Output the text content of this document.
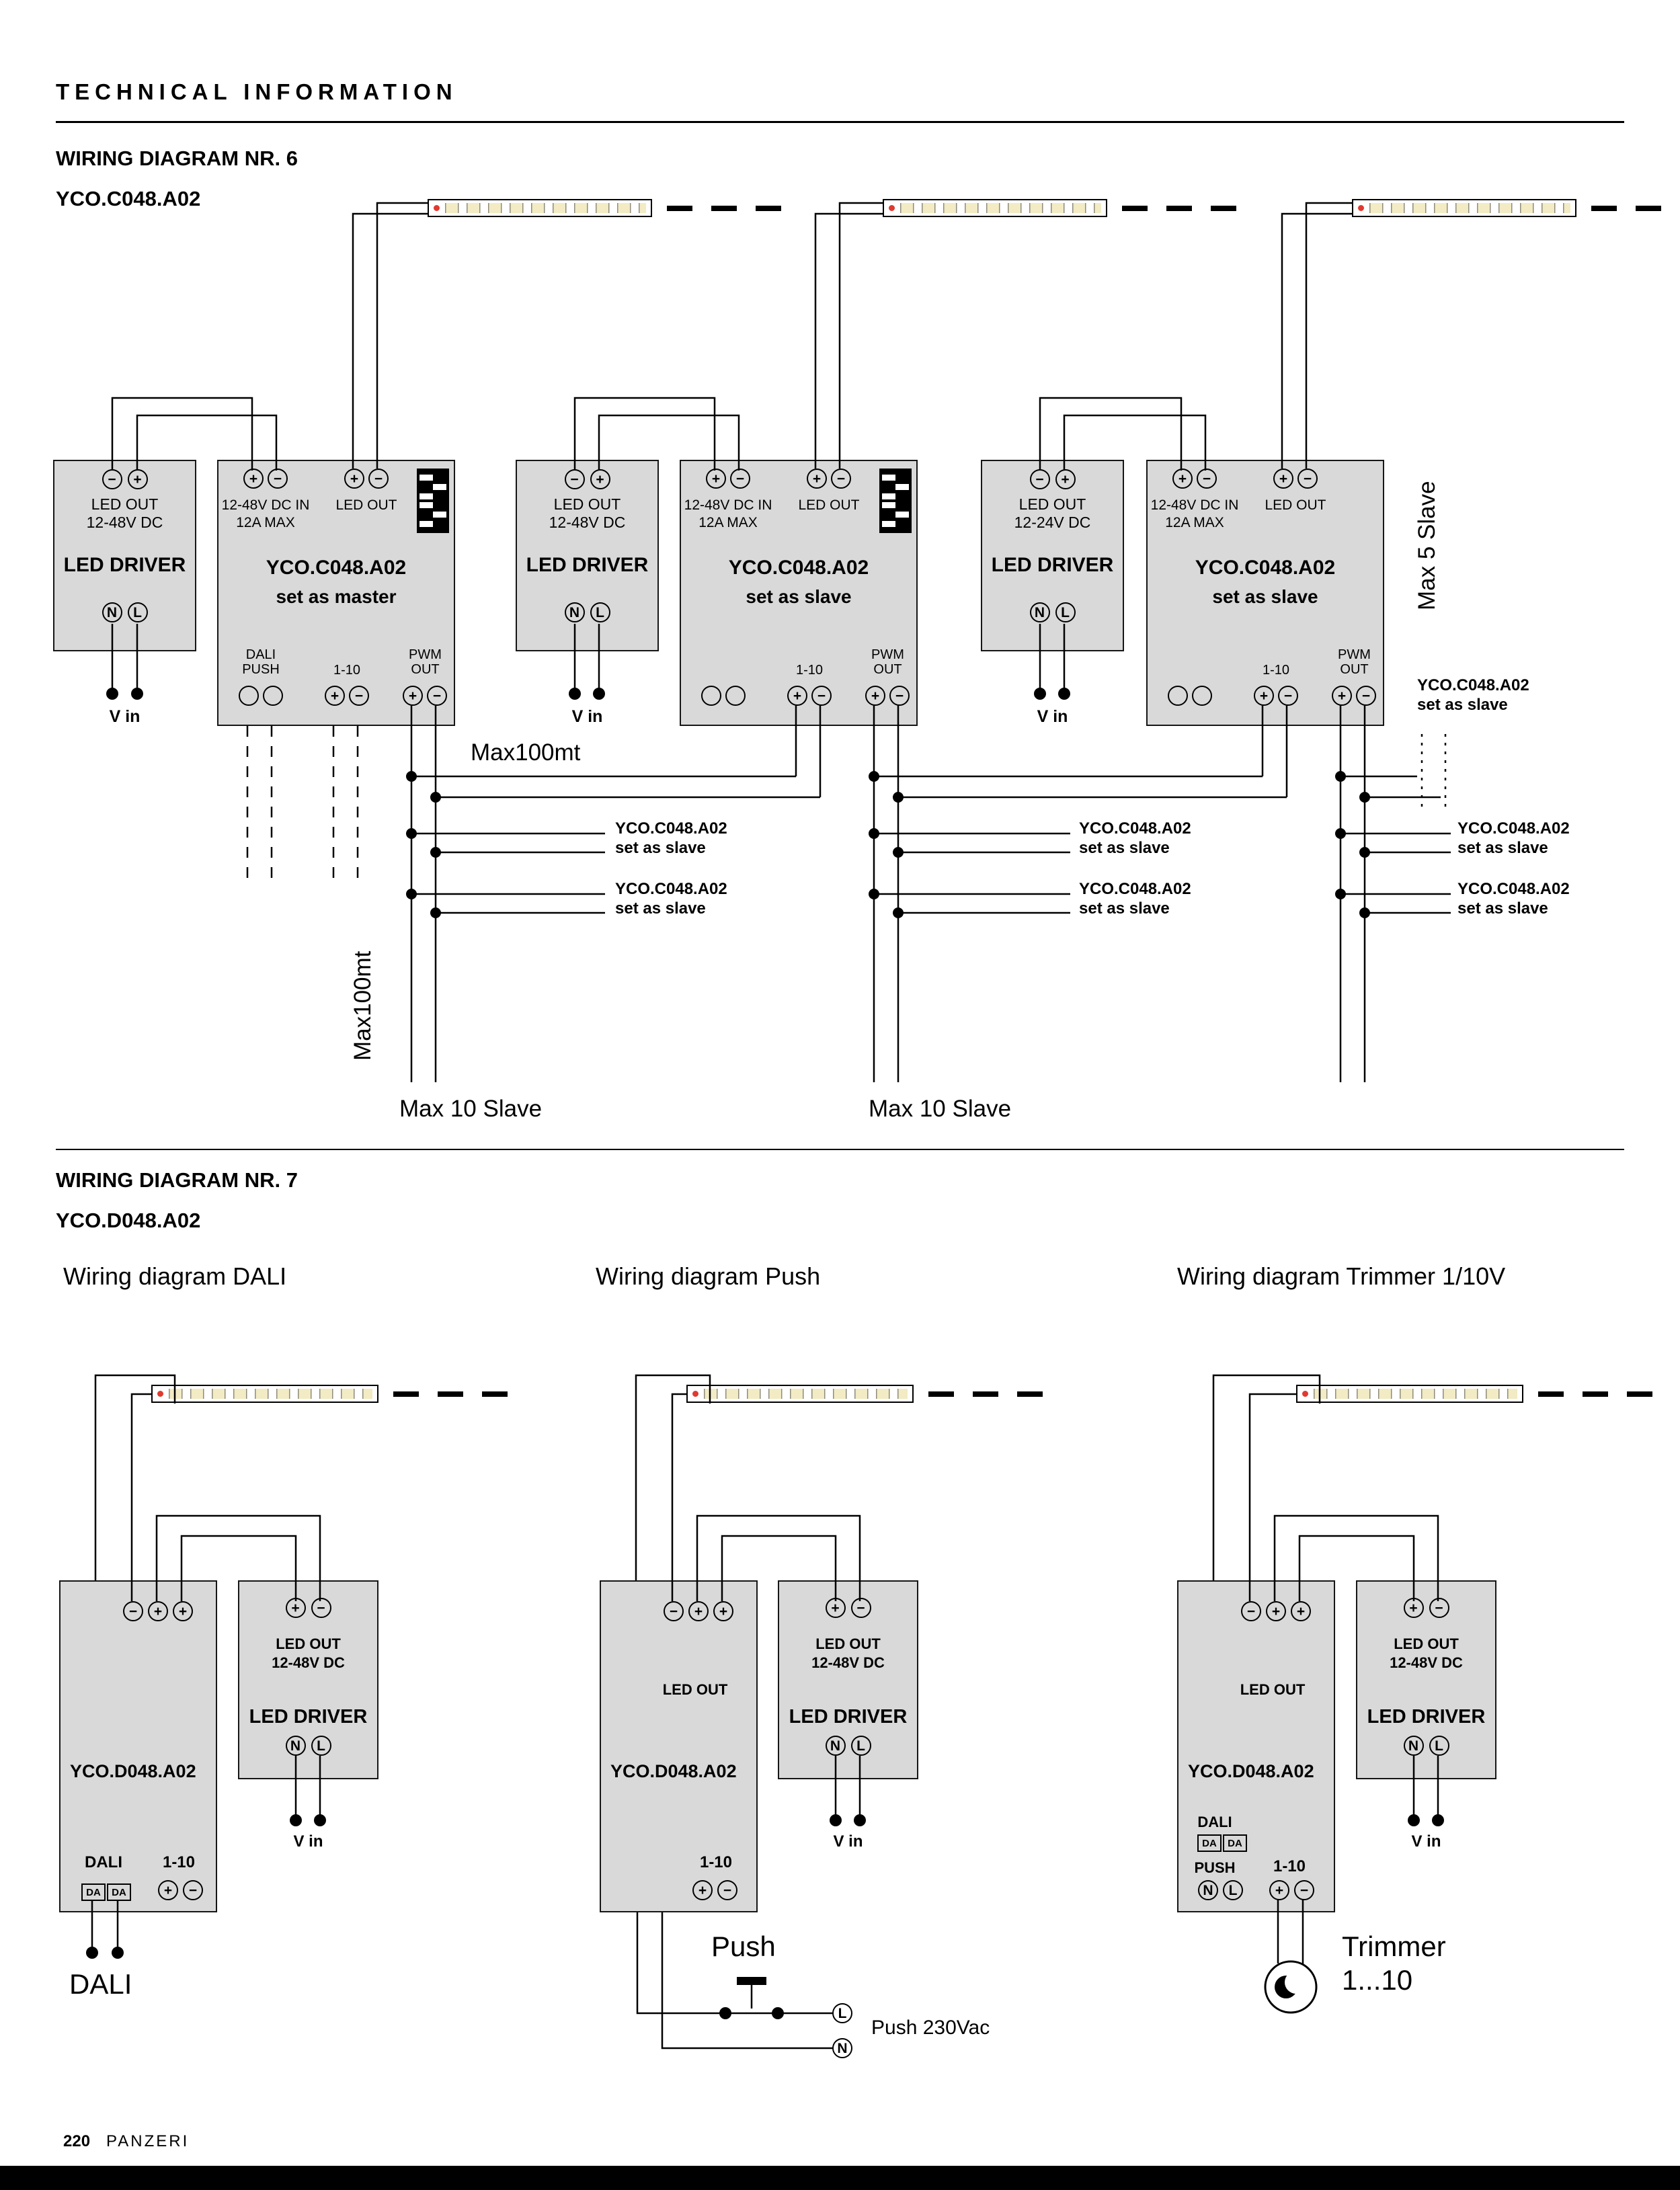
TECHNICAL INFORMATION
WIRING DIAGRAM NR. 6
YCO.C048.A02
−	+
LED OUT
12-48V DC
LED DRIVER
N	L
V in
+	−
12-48V DC IN
12A MAX
+	−
LED OUT
YCO.C048.A02
set as master
DALI
PUSH	1-10
+	−
PWM
OUT
+	−
−	+
LED OUT
12-48V DC
LED DRIVER
N	L
V in
+	−
12-48V DC IN
12A MAX
+	−
LED OUT
YCO.C048.A02
set as slave
1-10
+	−
PWM
OUT
+	−
−	+
LED OUT
12-24V DC
LED DRIVER
N	L
V in
+	−
12-48V DC IN
12A MAX
+	−
LED OUT
YCO.C048.A02
set as slave
1-10
+	−
PWM
OUT
+	−
Max 5 Slave
Max100mt
Max100mt
Max 10 Slave	Max 10 Slave
YCO.C048.A02
set as slave
YCO.C048.A02
set as slave
YCO.C048.A02
set as slave
YCO.C048.A02
set as slave
YCO.C048.A02
set as slave
YCO.C048.A02
set as slave
YCO.C048.A02
set as slave
WIRING DIAGRAM NR. 7
YCO.D048.A02
Wiring diagram DALI	Wiring diagram Push	Wiring diagram Trimmer 1/10V
−	+	+
YCO.D048.A02
DALI	1-10
DA	DA	+	−
DALI
+	−
LED OUT
12-48V DC
LED DRIVER
N	L
V in
−	+	+
LED OUT
YCO.D048.A02
1-10
+	−
Push
L
N
Push 230Vac
+	−
LED OUT
12-48V DC
LED DRIVER
N	L
V in
−	+	+
LED OUT
YCO.D048.A02
DALI
DA	DA
PUSH
N	L
1-10
+	−
Trimmer
1...10
+	−
LED OUT
12-48V DC
LED DRIVER
N	L
V in
220 PANZERI
